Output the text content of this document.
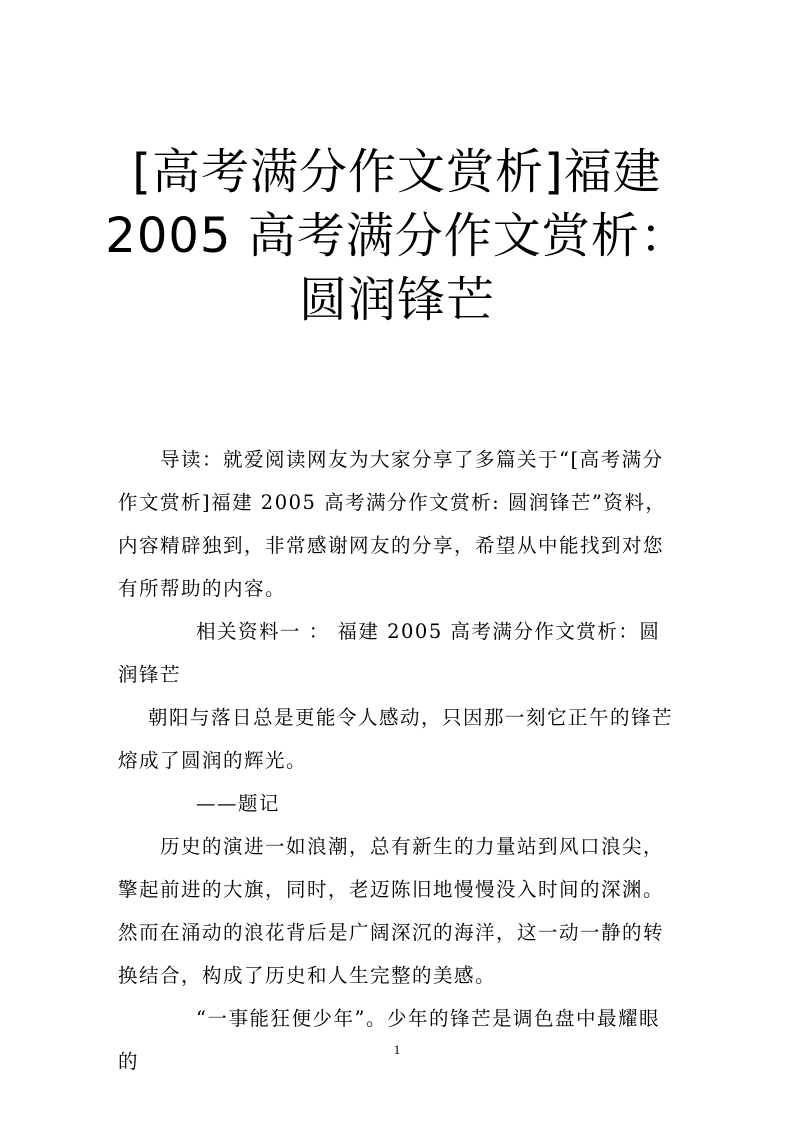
[高考满分作文赏析]福建
2005 高考满分作文赏析：
圆润锋芒

导读：就爱阅读网友为大家分享了多篇关于“[高考满分作文赏析]福建 2005 高考满分作文赏析: 圆润锋芒”资料，内容精辟独到，非常感谢网友的分享，希望从中能找到对您有所帮助的内容。

相关资料一 ： 福建 2005 高考满分作文赏析：圆润锋芒

朝阳与落日总是更能令人感动，只因那一刻它正午的锋芒熔成了圆润的辉光。

——题记

历史的演进一如浪潮，总有新生的力量站到风口浪尖，擎起前进的大旗，同时，老迈陈旧地慢慢没入时间的深渊。然而在涌动的浪花背后是广阔深沉的海洋，这一动一静的转换结合，构成了历史和人生完整的美感。

“一事能狂便少年”。少年的锋芒是调色盘中最耀眼的

1
